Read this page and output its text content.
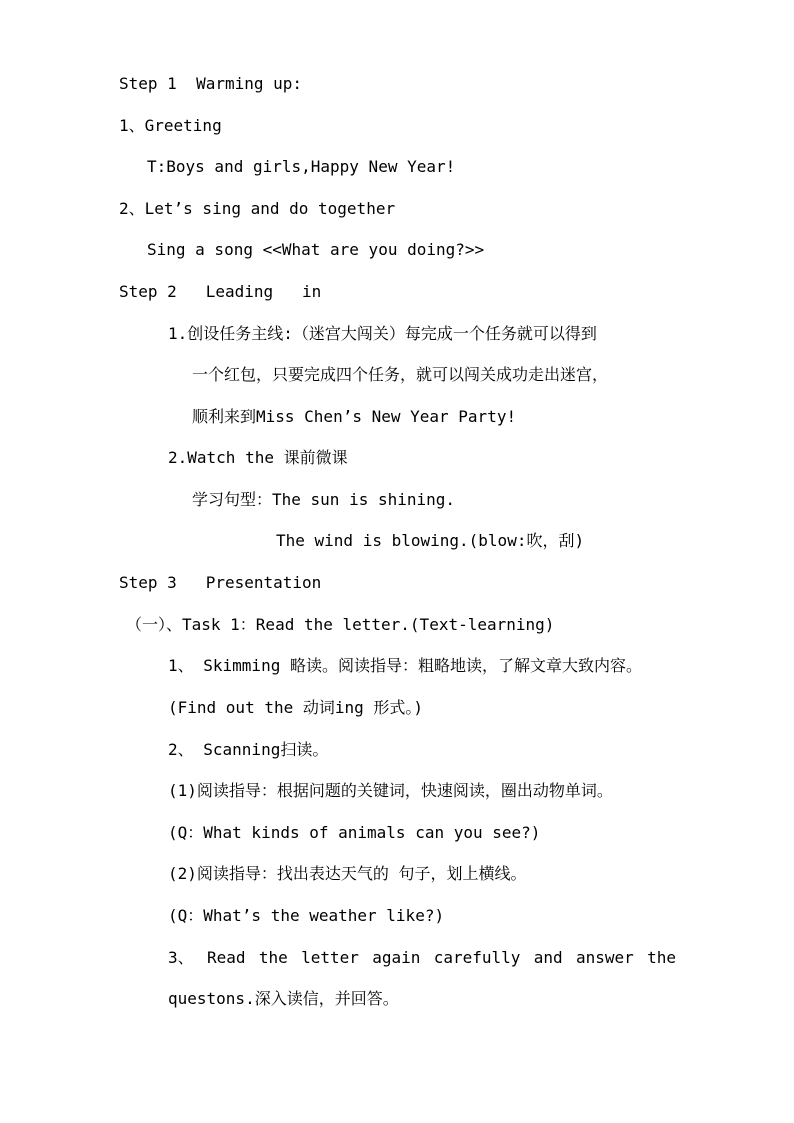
Step 1  Warming up:
1、Greeting
T:Boys and girls,Happy New Year!
2、Let’s sing and do together
Sing a song <<What are you doing?>>
Step 2   Leading   in
1.创设任务主线:（迷宫大闯关）每完成一个任务就可以得到
一个红包，只要完成四个任务，就可以闯关成功走出迷宫，
顺利来到Miss Chen’s New Year Party!
2.Watch the 课前微课
学习句型：The sun is shining.
The wind is blowing.(blow:吹，刮)
Step 3   Presentation
（一）、Task 1：Read the letter.(Text-learning)
1、 Skimming 略读。阅读指导：粗略地读，了解文章大致内容。
(Find out the 动词ing 形式。)
2、 Scanning扫读。
(1)阅读指导：根据问题的关键词，快速阅读，圈出动物单词。
(Q：What kinds of animals can you see?)
(2)阅读指导：找出表达天气的 句子，划上横线。
(Q：What’s the weather like?)
3、 Read the letter again carefully and answer the
questons.深入读信，并回答。
